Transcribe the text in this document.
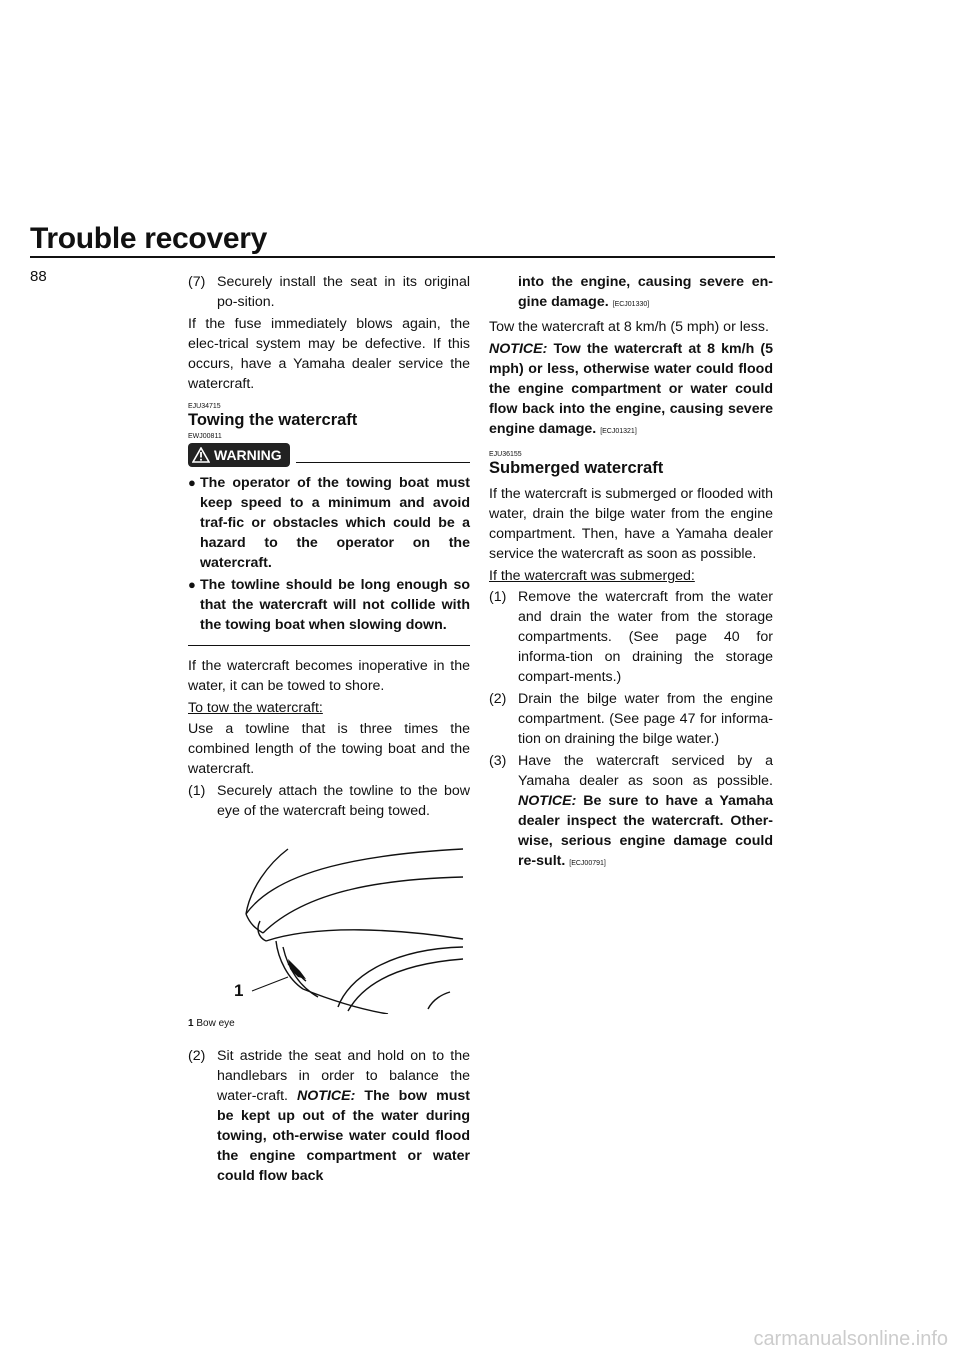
Trouble recovery
88	(7) Securely install the seat in its original po-sition.

If the fuse immediately blows again, the elec-trical system may be defective. If this occurs, have a Yamaha dealer service the watercraft.

EJU34715
Towing the watercraft
EWJ00811
WARNING
● The operator of the towing boat must keep speed to a minimum and avoid traf-fic or obstacles which could be a hazard to the operator on the watercraft.
● The towline should be long enough so that the watercraft will not collide with the towing boat when slowing down.

If the watercraft becomes inoperative in the water, it can be towed to shore.

To tow the watercraft:

Use a towline that is three times the combined length of the towing boat and the watercraft.

(1) Securely attach the towline to the bow eye of the watercraft being towed.
1
1 Bow eye
(2) Sit astride the seat and hold on to the handlebars in order to balance the water-craft. NOTICE: The bow must be kept up out of the water during towing, oth-erwise water could flood the engine compartment or water could flow back
into the engine, causing severe en-gine damage. [ECJ01330]

Tow the watercraft at 8 km/h (5 mph) or less.

NOTICE: Tow the watercraft at 8 km/h (5 mph) or less, otherwise water could flood the engine compartment or water could flow back into the engine, causing severe engine damage. [ECJ01321]

EJU36155
Submerged watercraft

If the watercraft is submerged or flooded with water, drain the bilge water from the engine compartment. Then, have a Yamaha dealer service the watercraft as soon as possible.

If the watercraft was submerged:
(1) Remove the watercraft from the water and drain the water from the storage compartments. (See page 40 for informa-tion on draining the storage compart-ments.)
(2) Drain the bilge water from the engine compartment. (See page 47 for informa-tion on draining the bilge water.)
(3) Have the watercraft serviced by a Yamaha dealer as soon as possible. NOTICE: Be sure to have a Yamaha dealer inspect the watercraft. Other-wise, serious engine damage could re-sult. [ECJ00791]
carmanualsonline.info
